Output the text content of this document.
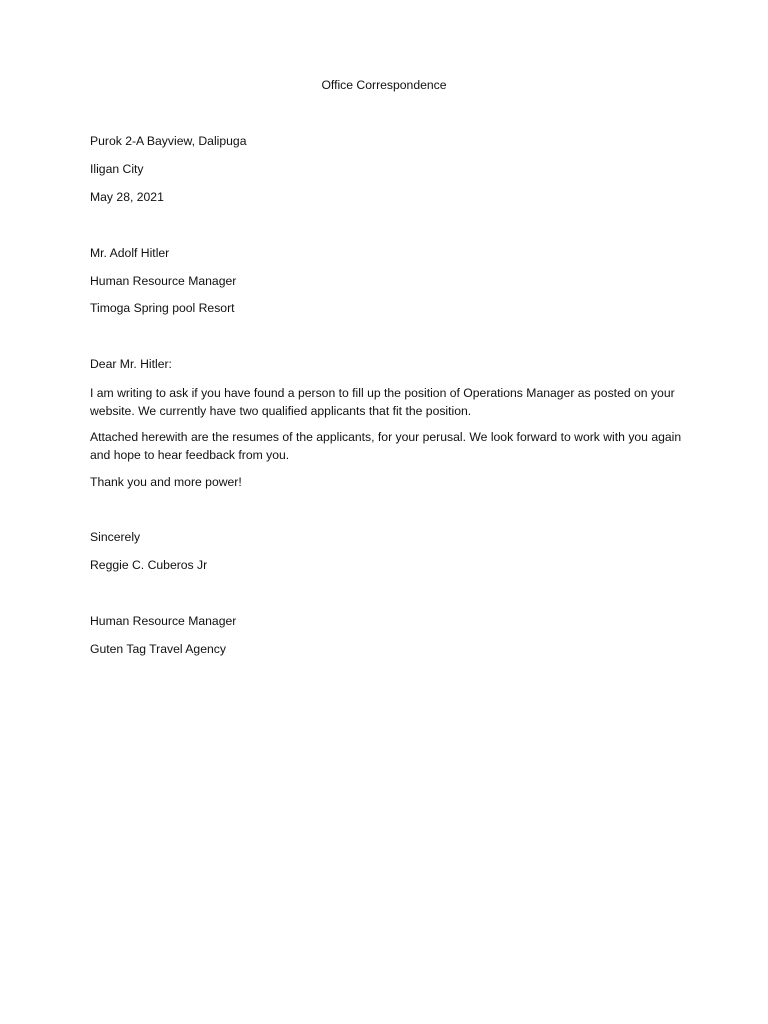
Office Correspondence
Purok 2-A Bayview, Dalipuga
Iligan City
May 28, 2021
Mr. Adolf Hitler
Human Resource Manager
Timoga Spring pool Resort
Dear Mr. Hitler:
I am writing to ask if you have found a person to fill up the position of Operations Manager as posted on your website. We currently have two qualified applicants that fit the position.
Attached herewith are the resumes of the applicants, for your perusal. We look forward to work with you again and hope to hear feedback from you.
Thank you and more power!
Sincerely
Reggie C. Cuberos Jr
Human Resource Manager
Guten Tag Travel Agency
